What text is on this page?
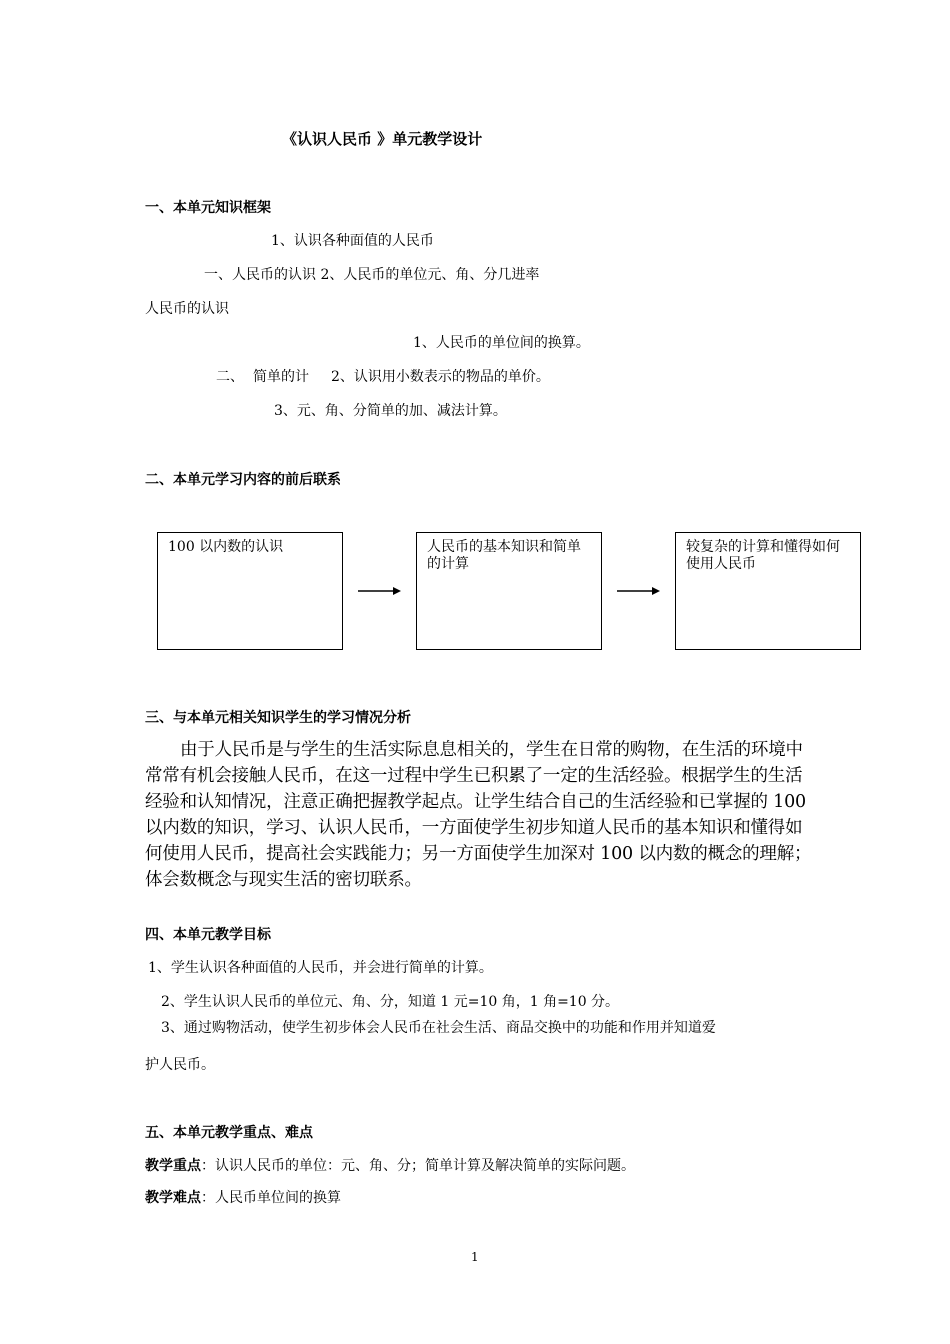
《认识人民币 》单元教学设计
一、本单元知识框架
1、认识各种面值的人民币
一、人民币的认识 2、人民币的单位元、角、分几进率
人民币的认识
1、人民币的单位间的换算。
二、 简单的计 2、认识用小数表示的物品的单价。
3、元、角、分简单的加、减法计算。
二、本单元学习内容的前后联系
100 以内数的认识	人民币的基本知识和简单的计算
较复杂的计算和懂得如何使用人民币
三、与本单元相关知识学生的学习情况分析
由于人民币是与学生的生活实际息息相关的，学生在日常的购物，在生活的环境中常常有机会接触人民币，在这一过程中学生已积累了一定的生活经验。根据学生的生活经验和认知情况，注意正确把握教学起点。让学生结合自己的生活经验和已掌握的 100 以内数的知识，学习、认识人民币，一方面使学生初步知道人民币的基本知识和懂得如何使用人民币，提高社会实践能力；另一方面使学生加深对 100 以内数的概念的理解；体会数概念与现实生活的密切联系。
四、本单元教学目标
1、学生认识各种面值的人民币，并会进行简单的计算。
2、学生认识人民币的单位元、角、分，知道 1 元=10 角，1 角=10 分。
3、通过购物活动，使学生初步体会人民币在社会生活、商品交换中的功能和作用并知道爱
护人民币。
五、本单元教学重点、难点
教学重点：认识人民币的单位：元、角、分；简单计算及解决简单的实际问题。
教学难点：人民币单位间的换算
1
